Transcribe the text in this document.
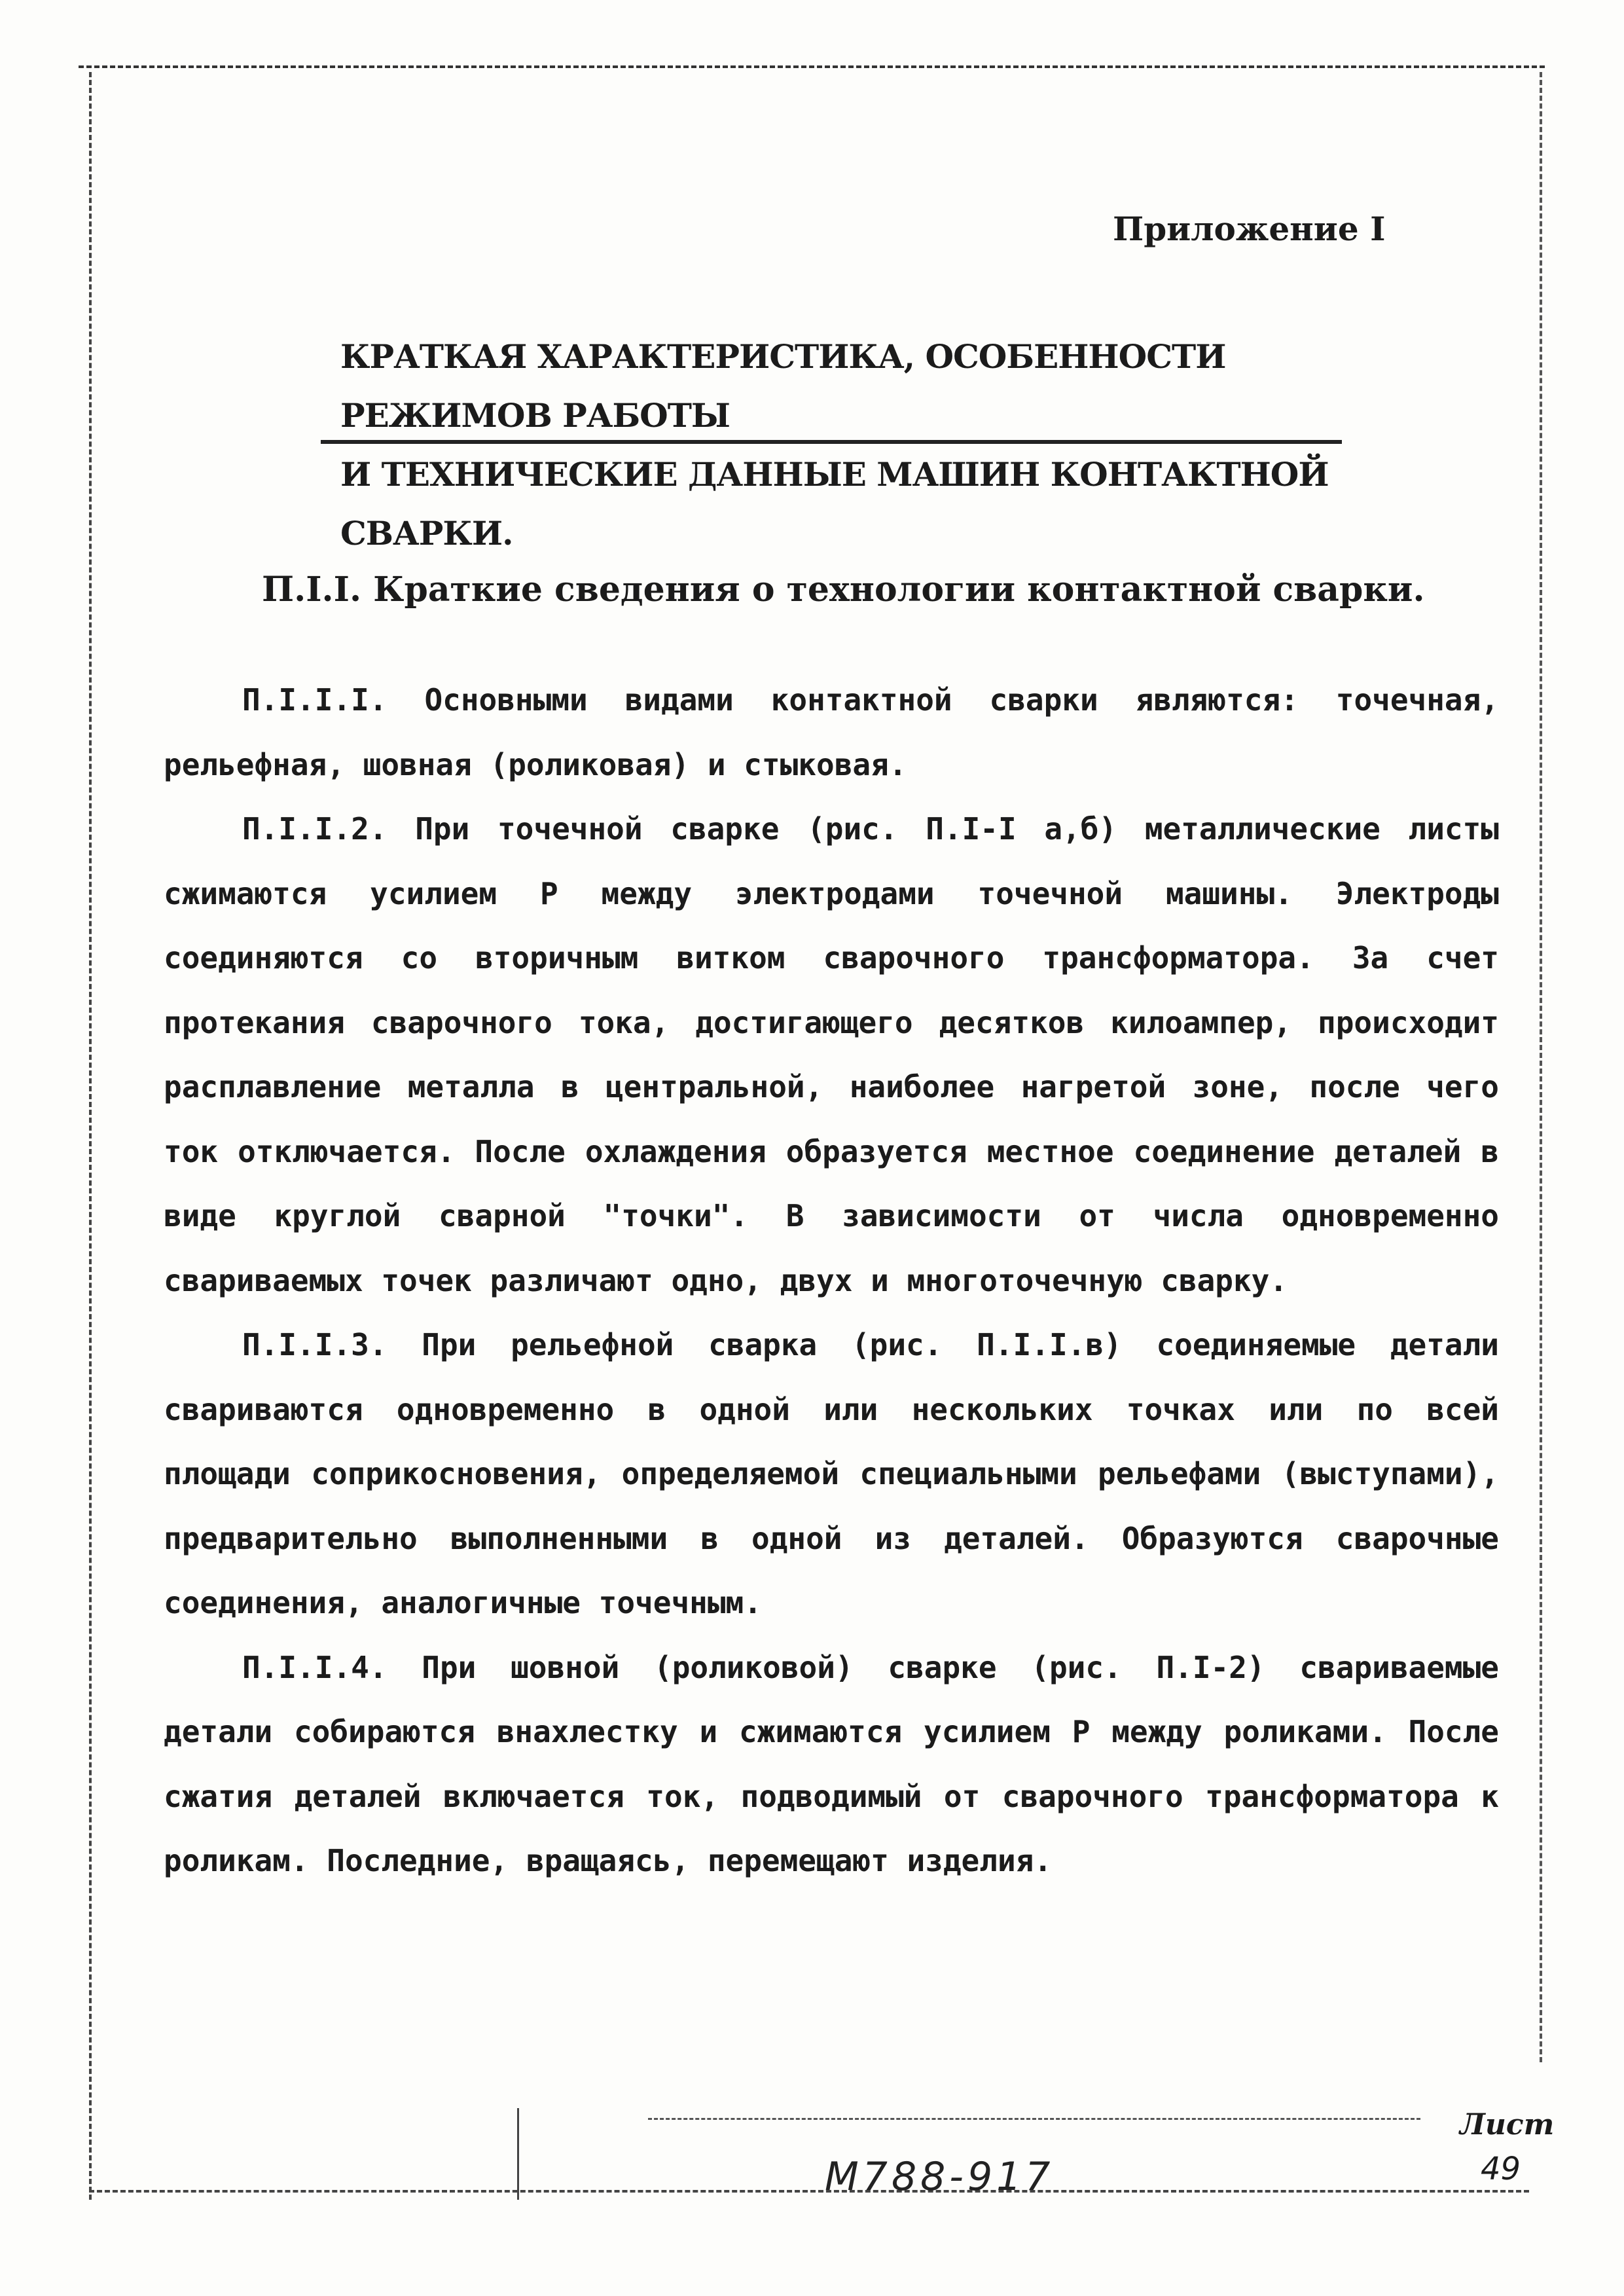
Приложение I
КРАТКАЯ ХАРАКТЕРИСТИКА, ОСОБЕННОСТИ РЕЖИМОВ РАБОТЫ
И ТЕХНИЧЕСКИЕ ДАННЫЕ МАШИН КОНТАКТНОЙ СВАРКИ.
П.I.I. Краткие сведения о технологии контактной сварки.

П.I.I.I. Основными видами контактной сварки являются: точечная, рельефная, шовная (роликовая) и стыковая.

П.I.I.2. При точечной сварке (рис. П.I-I а,б) металлические листы сжимаются усилием Р между электродами точечной машины. Электроды соединяются со вторичным витком сварочного трансформатора. За счет протекания сварочного тока, достигающего десятков килоампер, происходит расплавление металла в центральной, наиболее нагретой зоне, после чего ток отключается. После охлаждения образуется местное соединение деталей в виде круглой сварной "точки". В зависимости от числа одновременно свариваемых точек различают одно, двух и многоточечную сварку.

П.I.I.3. При рельефной сварка (рис. П.I.I.в) соединяемые детали свариваются одновременно в одной или нескольких точках или по всей площади соприкосновения, определяемой специальными рельефами (выступами), предварительно выполненными в одной из деталей. Образуются сварочные соединения, аналогичные точечным.

П.I.I.4. При шовной (роликовой) сварке (рис. П.I-2) свариваемые детали собираются внахлестку и сжимаются усилием Р между роликами. После сжатия деталей включается ток, подводимый от сварочного трансформатора к роликам. Последние, вращаясь, перемещают изделия.

М788-917
Лист
49
